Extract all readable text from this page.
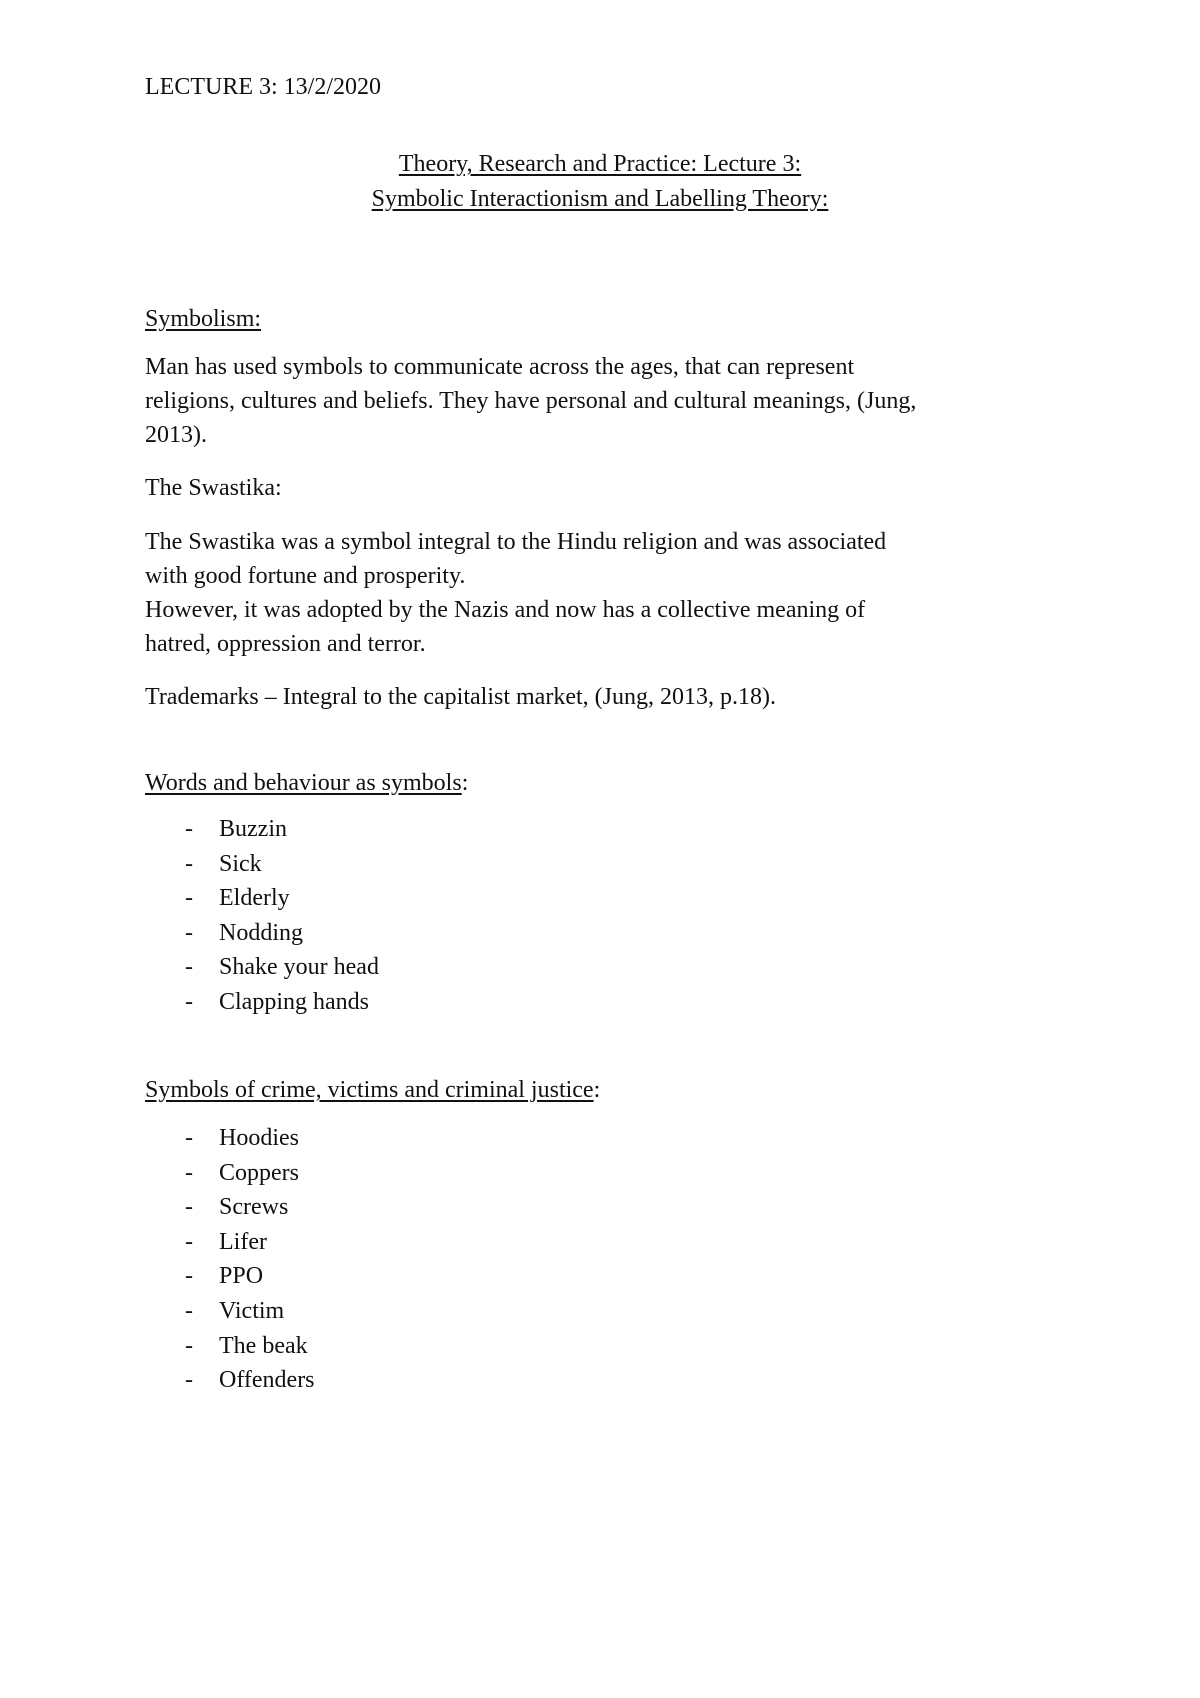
LECTURE 3: 13/2/2020
Theory, Research and Practice: Lecture 3:
Symbolic Interactionism and Labelling Theory:
Symbolism:
Man has used symbols to communicate across the ages, that can represent
religions, cultures and beliefs. They have personal and cultural meanings, (Jung,
2013).
The Swastika:
The Swastika was a symbol integral to the Hindu religion and was associated
with good fortune and prosperity.
However, it was adopted by the Nazis and now has a collective meaning of
hatred, oppression and terror.
Trademarks – Integral to the capitalist market, (Jung, 2013, p.18).
Words and behaviour as symbols:
-	Buzzin
-	Sick
-	Elderly
-	Nodding
-	Shake your head
-	Clapping hands
Symbols of crime, victims and criminal justice:
-	Hoodies
-	Coppers
-	Screws
-	Lifer
-	PPO
-	Victim
-	The beak
-	Offenders
